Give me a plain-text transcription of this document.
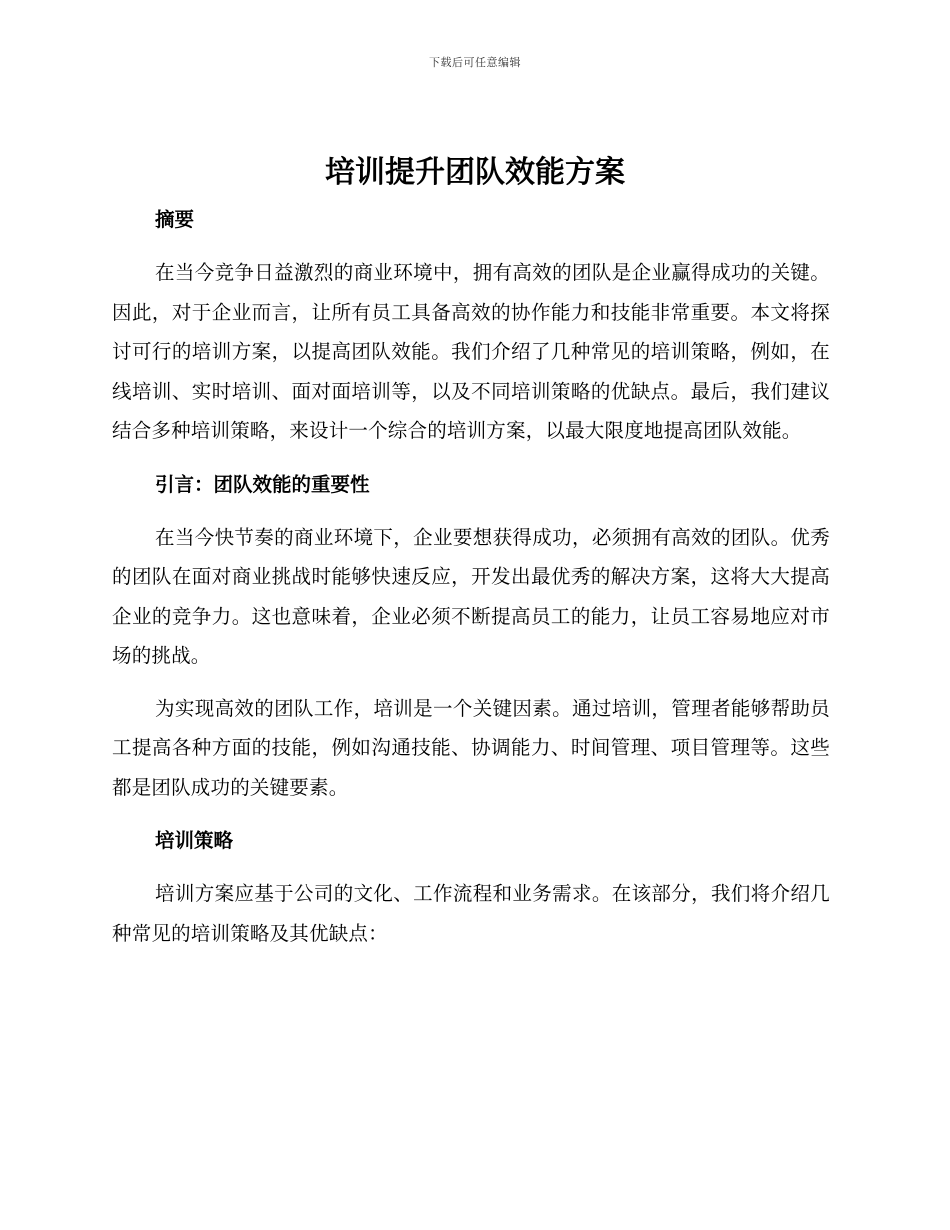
下载后可任意编辑
培训提升团队效能方案
摘要

在当今竞争日益激烈的商业环境中，拥有高效的团队是企业赢得成功的关键。因此，对于企业而言，让所有员工具备高效的协作能力和技能非常重要。本文将探讨可行的培训方案，以提高团队效能。我们介绍了几种常见的培训策略，例如，在线培训、实时培训、面对面培训等，以及不同培训策略的优缺点。最后，我们建议结合多种培训策略，来设计一个综合的培训方案，以最大限度地提高团队效能。

引言：团队效能的重要性

在当今快节奏的商业环境下，企业要想获得成功，必须拥有高效的团队。优秀的团队在面对商业挑战时能够快速反应，开发出最优秀的解决方案，这将大大提高企业的竞争力。这也意味着，企业必须不断提高员工的能力，让员工容易地应对市场的挑战。

为实现高效的团队工作，培训是一个关键因素。通过培训，管理者能够帮助员工提高各种方面的技能，例如沟通技能、协调能力、时间管理、项目管理等。这些都是团队成功的关键要素。

培训策略

培训方案应基于公司的文化、工作流程和业务需求。在该部分，我们将介绍几种常见的培训策略及其优缺点：
